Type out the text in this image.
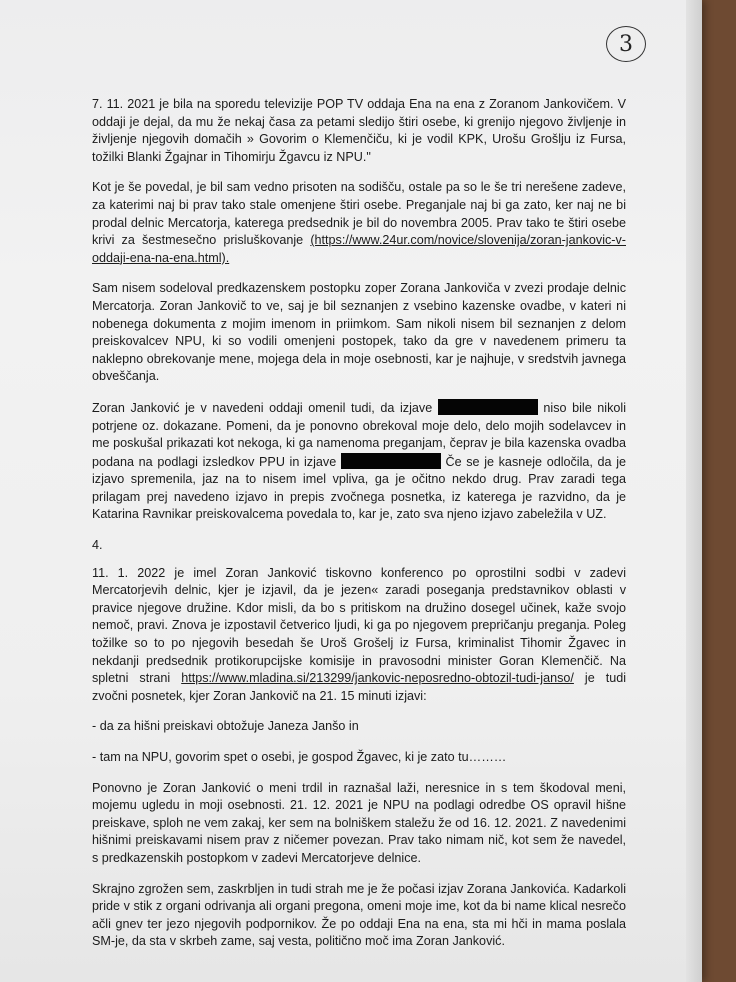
3

7. 11. 2021 je bila na sporedu televizije POP TV oddaja Ena na ena z Zoranom Jankovičem. V oddaji je dejal, da mu že nekaj časa za petami sledijo štiri osebe, ki grenijo njegovo življenje in življenje njegovih domačih » Govorim o Klemenčiču, ki je vodil KPK, Urošu Grošlju iz Fursa, tožilki Blanki Žgajnar in Tihomirju Žgavcu iz NPU."

Kot je še povedal, je bil sam vedno prisoten na sodišču, ostale pa so le še tri nerešene zadeve, za katerimi naj bi prav tako stale omenjene štiri osebe. Preganjale naj bi ga zato, ker naj ne bi prodal delnic Mercatorja, katerega predsednik je bil do novembra 2005. Prav tako te štiri osebe krivi za šestmesečno prisluškovanje (https://www.24ur.com/novice/slovenija/zoran-jankovic-v-oddaji-ena-na-ena.html).

Sam nisem sodeloval predkazenskem postopku zoper Zorana Jankoviča v zvezi prodaje delnic Mercatorja. Zoran Jankovič to ve, saj je bil seznanjen z vsebino kazenske ovadbe, v kateri ni nobenega dokumenta z mojim imenom in priimkom. Sam nikoli nisem bil seznanjen z delom preiskovalcev NPU, ki so vodili omenjeni postopek, tako da gre v navedenem primeru ta naklepno obrekovanje mene, mojega dela in moje osebnosti, kar je najhuje, v sredstvih javnega obveščanja.

Zoran Janković je v navedeni oddaji omenil tudi, da izjave	niso bile nikoli potrjene oz. dokazane. Pomeni, da je ponovno obrekoval moje delo, delo mojih sodelavcev in me poskušal prikazati kot nekoga, ki ga namenoma preganjam, čeprav je bila kazenska ovadba podana na podlagi izsledkov PPU in izjave	Če se je kasneje odločila, da je izjavo spremenila, jaz na to nisem imel vpliva, ga je očitno nekdo drug. Prav zaradi tega prilagam prej navedeno izjavo in prepis zvočnega posnetka, iz katerega je razvidno, da je Katarina Ravnikar preiskovalcema povedala to, kar je, zato sva njeno izjavo zabeležila v UZ.

4.

11. 1. 2022 je imel Zoran Janković tiskovno konferenco po oprostilni sodbi v zadevi Mercatorjevih delnic, kjer je izjavil, da je jezen« zaradi poseganja predstavnikov oblasti v pravice njegove družine. Kdor misli, da bo s pritiskom na družino dosegel učinek, kaže svojo nemoč, pravi. Znova je izpostavil četverico ljudi, ki ga po njegovem prepričanju preganja. Poleg tožilke so to po njegovih besedah še Uroš Grošelj iz Fursa, kriminalist Tihomir Žgavec in nekdanji predsednik protikorupcijske komisije in pravosodni minister Goran Klemenčič. Na spletni strani https://www.mladina.si/213299/jankovic-neposredno-obtozil-tudi-janso/ je tudi zvočni posnetek, kjer Zoran Jankovič na 21. 15 minuti izjavi:

- da za hišni preiskavi obtožuje Janeza Janšo in

- tam na NPU, govorim spet o osebi, je gospod Žgavec, ki je zato tu………

Ponovno je Zoran Janković o meni trdil in raznašal laži, neresnice in s tem škodoval meni, mojemu ugledu in moji osebnosti. 21. 12. 2021 je NPU na podlagi odredbe OS opravil hišne preiskave, sploh ne vem zakaj, ker sem na bolniškem staležu že od 16. 12. 2021. Z navedenimi hišnimi preiskavami nisem prav z ničemer povezan. Prav tako nimam nič, kot sem že navedel, s predkazenskih postopkom v zadevi Mercatorjeve delnice.

Skrajno zgrožen sem, zaskrbljen in tudi strah me je že počasi izjav Zorana Jankovića. Kadarkoli pride v stik z organi odrivanja ali organi pregona, omeni moje ime, kot da bi name klical nesrečo ačli gnev ter jezo njegovih podpornikov. Že po oddaji Ena na ena, sta mi hči in mama poslala SM-je, da sta v skrbeh zame, saj vesta, politično moč ima Zoran Janković.
